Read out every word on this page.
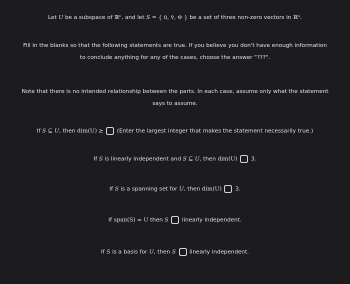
Let U be a subspace of ℝⁿ, and let S = { ū, v̄, w̄ } be a set of three non-zero vectors in ℝⁿ.
Fill in the blanks so that the following statements are true. If you believe you don't have enough information
to conclude anything for any of the cases, choose the answer "???".
Note that there is no intended relationship between the parts. In each case, assume only what the statement
says to assume.
If S ⊆ U, then dim(U) ≥ (Enter the largest integer that makes the statement necessarily true.)
If S is linearly independent and S ⊆ U, then dim(U) 3.
If S is a spanning set for U, then dim(U) 3.
If span(S) = U then S linearly independent.
If S is a basis for U, then S linearly independent.
